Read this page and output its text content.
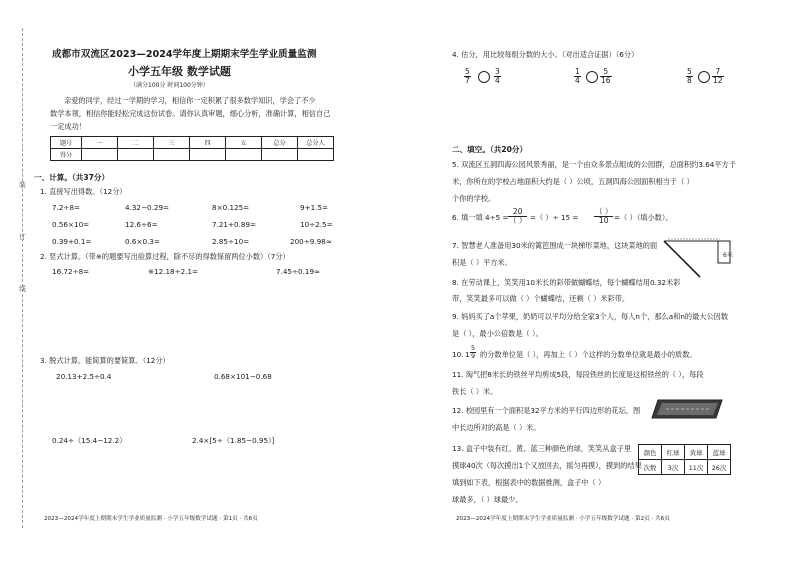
装
订
线
成都市双流区2023—2024学年度上期期末学生学业质量监测
小学五年级 数学试题
（满分100分 时间100分钟）
亲爱的同学，经过一学期的学习，相信你一定积累了很多数学知识，学会了不少
数学本领，相信你能轻松完成这份试卷。请你认真审题，细心分析，准确计算，相信自己
一定成功！
题号	一	二	三	四	五	总分	总分人
得分							
一、计算。（共37分）
1. 直接写出得数。（12分）
7.2÷8=	4.32−0.29=	8×0.125=	9+1.5=
0.56×10=	12.6÷6=	7.21+0.89=	10÷2.5=
0.39+0.1=	0.6×0.3=	2.85÷10=	200÷9.98≈
2. 竖式计算。（带※的题要写出验算过程，除不尽的得数保留两位小数）（7分）
16.72÷8=	※12.18÷2.1=	7.45÷0.19≈
3. 脱式计算。能简算的要简算。（12分）
20.13+2.5÷0.4	0.68×101−0.68
0.24÷（15.4−12.2）	2.4×[5÷（1.85−0.95）]
2023—2024学年度上期期末学生学业质量监测 · 小学五年级数学试题 · 第1页 · 共6页
4. 估分，用比较每组分数的大小。（对出适合证据）（6分）
$\frac{5}{7}$	$\frac{3}{4}$	$\frac{1}{4}$	$\frac{5}{16}$	$\frac{5}{8}$	$\frac{7}{12}$
二、填空。（共20分）
5. 双流区五洞四海公园风景秀丽，是一个由众多景点组成的公园群，总面积约3.64平方千
米，你所在的学校占地面积大约是（ ）公顷，五洞四海公园面积相当于（ ）
个你的学校。
6. 填一填 4÷5 =
20
（ ） =（ ）÷ 15 =
（ ）
10 =（ ）（填小数）。
7. 智慧老人准备用30米的篱笆围成一块梯形菜地，这块菜地的面
积是（ ）平方米。
6米
8. 在劳动课上，笑笑用10米长的彩带做蝴蝶结，每个蝴蝶结用0.32米彩
带，笑笑最多可以做（ ）个蝴蝶结，还剩（ ）米彩带。
9. 妈妈买了a个苹果，奶奶可以平均分给全家3个人，每人n个，那么a和n的最大公因数
是（ ），最小公倍数是（ ）。
10. $1 \frac{5}{9}$ 的分数单位是（ ），再加上（ ）个这样的分数单位就是最小的质数。
11. 淘气把8米长的铁丝平均剪成5段，每段铁丝的长度是这根铁丝的（ ），每段
铁长（ ）米。
12. 校园里有一个面积是32平方米的平行四边形的花坛，图
中长边所对的高是（ ）米。
13. 盒子中装有红、黄、蓝三种颜色的球，笑笑从盒子里
摸球40次（每次摸出1个又放回去，摇匀再摸），摸到的结果
填到如下表，根据表中的数据推测，盒子中（ ）
球最多，（ ）球最少。
颜色	红球	黄球	蓝球
次数	3次	11次	26次
2023—2024学年度上期期末学生学业质量监测 · 小学五年级数学试题 · 第2页 · 共6页
